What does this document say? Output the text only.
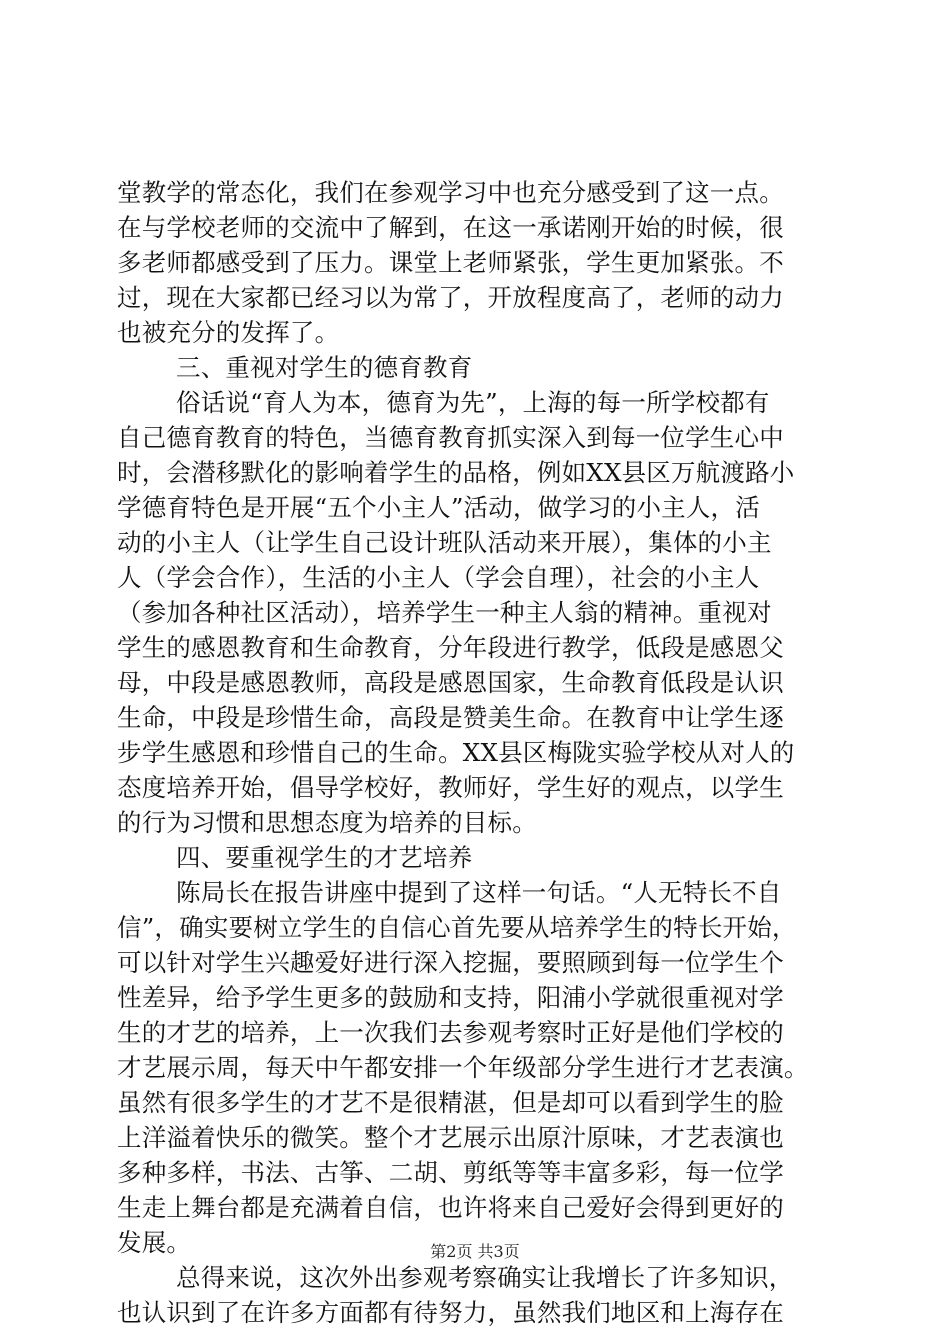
堂教学的常态化，我们在参观学习中也充分感受到了这一点。
在与学校老师的交流中了解到，在这一承诺刚开始的时候，很
多老师都感受到了压力。课堂上老师紧张，学生更加紧张。不
过，现在大家都已经习以为常了，开放程度高了，老师的动力
也被充分的发挥了。
三、重视对学生的德育教育
俗话说“育人为本，德育为先”，上海的每一所学校都有
自己德育教育的特色，当德育教育抓实深入到每一位学生心中
时，会潜移默化的影响着学生的品格，例如XX县区万航渡路小
学德育特色是开展“五个小主人”活动，做学习的小主人，活
动的小主人（让学生自己设计班队活动来开展），集体的小主
人（学会合作），生活的小主人（学会自理），社会的小主人
（参加各种社区活动），培养学生一种主人翁的精神。重视对
学生的感恩教育和生命教育，分年段进行教学，低段是感恩父
母，中段是感恩教师，高段是感恩国家，生命教育低段是认识
生命，中段是珍惜生命，高段是赞美生命。在教育中让学生逐
步学生感恩和珍惜自己的生命。XX县区梅陇实验学校从对人的
态度培养开始，倡导学校好，教师好，学生好的观点，以学生
的行为习惯和思想态度为培养的目标。
四、要重视学生的才艺培养
陈局长在报告讲座中提到了这样一句话。“人无特长不自
信”，确实要树立学生的自信心首先要从培养学生的特长开始，
可以针对学生兴趣爱好进行深入挖掘，要照顾到每一位学生个
性差异，给予学生更多的鼓励和支持，阳浦小学就很重视对学
生的才艺的培养，上一次我们去参观考察时正好是他们学校的
才艺展示周，每天中午都安排一个年级部分学生进行才艺表演。
虽然有很多学生的才艺不是很精湛，但是却可以看到学生的脸
上洋溢着快乐的微笑。整个才艺展示出原汁原味，才艺表演也
多种多样，书法、古筝、二胡、剪纸等等丰富多彩，每一位学
生走上舞台都是充满着自信，也许将来自己爱好会得到更好的
发展。
总得来说，这次外出参观考察确实让我增长了许多知识，
也认识到了在许多方面都有待努力，虽然我们地区和上海存在
第2页 共3页
